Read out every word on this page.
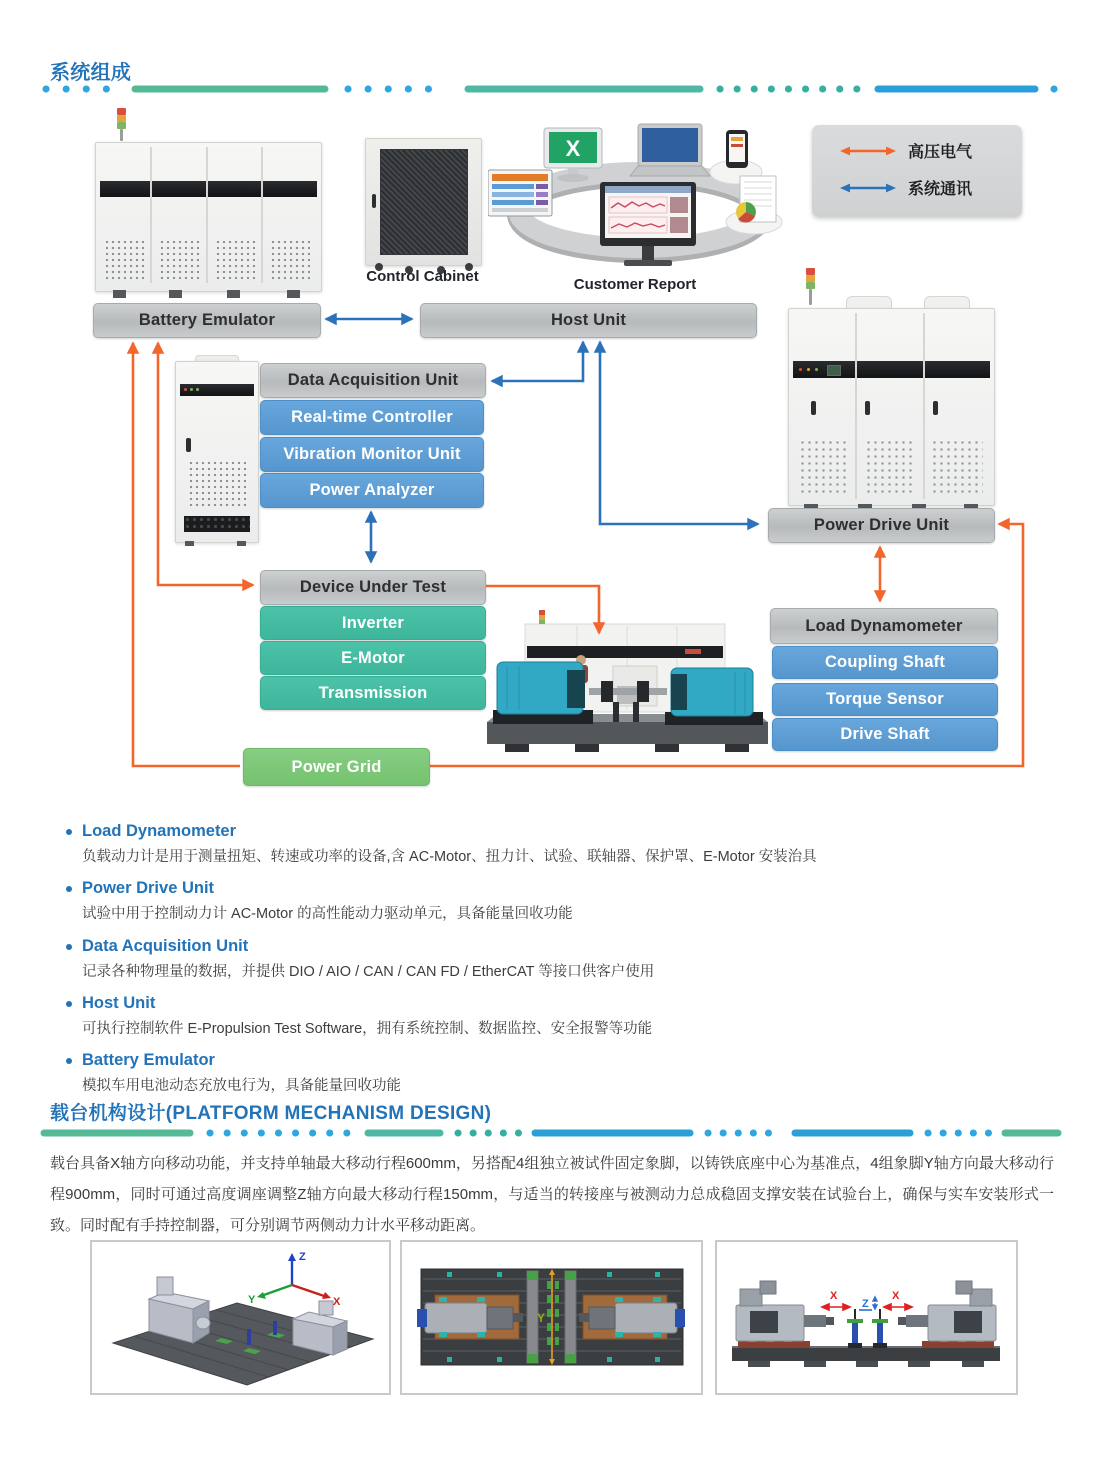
系统组成
Control Cabinet
X
Customer Report
高压电气
系统通讯
Battery Emulator	Host Unit
Data Acquisition Unit
Real-time Controller
Vibration Monitor Unit
Power Analyzer
Device Under Test
Inverter
E-Motor
Transmission
Power Grid
Power Drive Unit
Load Dynamometer
Coupling Shaft
Torque Sensor
Drive Shaft
Load Dynamometer

负载动力计是用于测量扭矩、转速或功率的设备,含 AC-Motor、扭力计、试验、联轴器、保护罩、E-Motor 安装治具

Power Drive Unit

试验中用于控制动力计 AC-Motor 的高性能动力驱动单元，具备能量回收功能

Data Acquisition Unit

记录各种物理量的数据，并提供 DIO / AIO / CAN / CAN FD / EtherCAT 等接口供客户使用

Host Unit

可执行控制软件 E-Propulsion Test Software，拥有系统控制、数据监控、安全报警等功能

Battery Emulator

模拟车用电池动态充放电行为，具备能量回收功能

载台机构设计(PLATFORM MECHANISM DESIGN)
载台具备X轴方向移动功能，并支持单轴最大移动行程600mm，另搭配4组独立被试件固定象脚，以铸铁底座中心为基准点，4组象脚Y轴方向最大移动行程900mm，同时可通过高度调座调整Z轴方向最大移动行程150mm，与适当的转接座与被测动力总成稳固支撑安装在试验台上，确保与实车安装形式一致。同时配有手持控制器，可分别调节两侧动力计水平移动距离。
Z
X
Y
Y
X	X
Z
